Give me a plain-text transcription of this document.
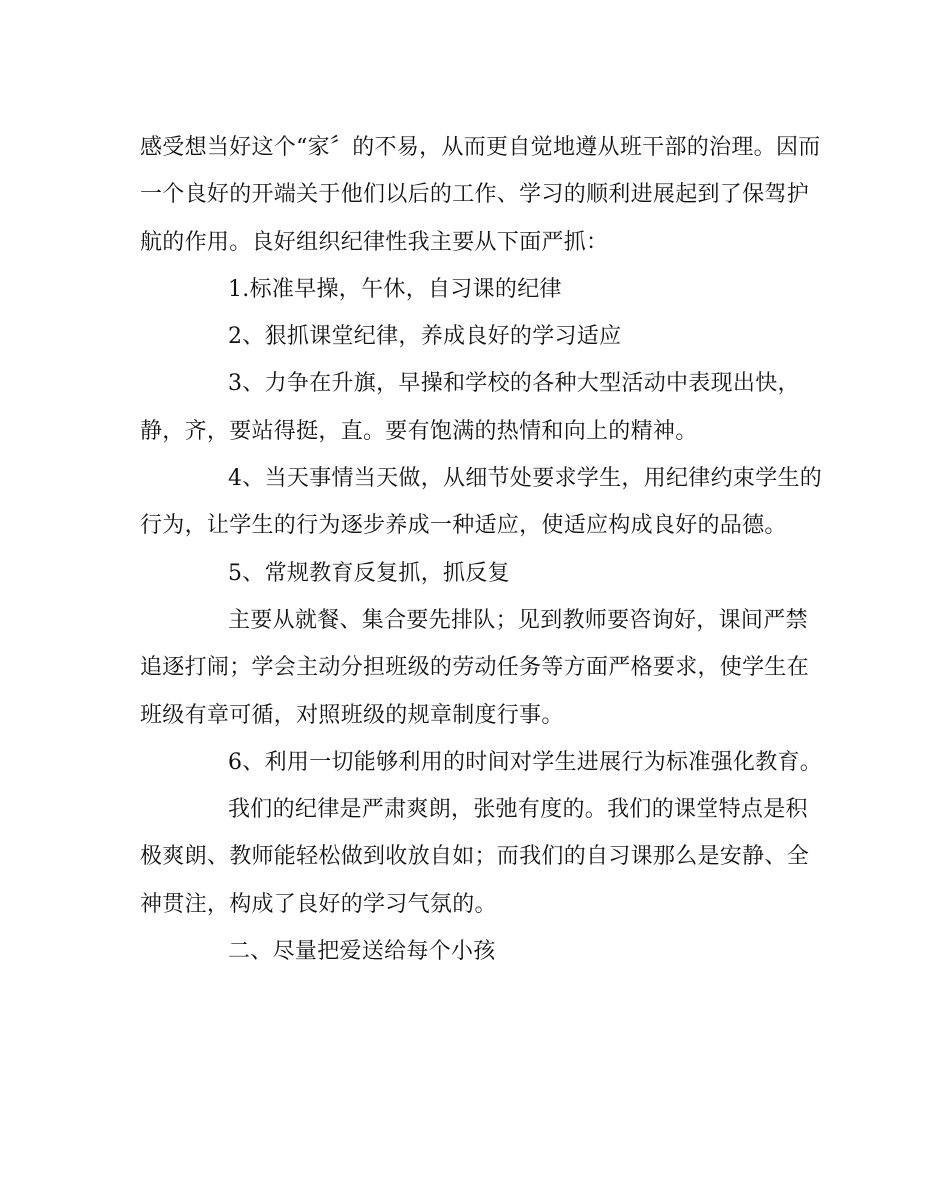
感受想当好这个“家〞的不易，从而更自觉地遵从班干部的治理。因而
一个良好的开端关于他们以后的工作、学习的顺利进展起到了保驾护
航的作用。良好组织纪律性我主要从下面严抓：
1.标准早操，午休，自习课的纪律
2、狠抓课堂纪律，养成良好的学习适应
3、力争在升旗，早操和学校的各种大型活动中表现出快，
静，齐，要站得挺，直。要有饱满的热情和向上的精神。
4、当天事情当天做，从细节处要求学生，用纪律约束学生的
行为，让学生的行为逐步养成一种适应，使适应构成良好的品德。
5、常规教育反复抓，抓反复
主要从就餐、集合要先排队；见到教师要咨询好，课间严禁
追逐打闹；学会主动分担班级的劳动任务等方面严格要求，使学生在
班级有章可循，对照班级的规章制度行事。
6、利用一切能够利用的时间对学生进展行为标准强化教育。
我们的纪律是严肃爽朗，张弛有度的。我们的课堂特点是积
极爽朗、教师能轻松做到收放自如；而我们的自习课那么是安静、全
神贯注，构成了良好的学习气氛的。
二、尽量把爱送给每个小孩
